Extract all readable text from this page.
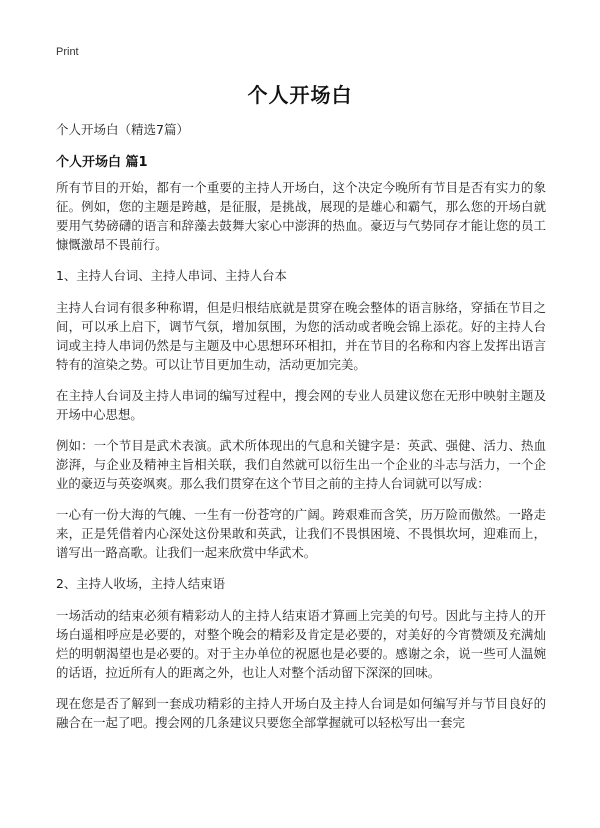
Print
个人开场白
个人开场白（精选7篇）
个人开场白 篇1

所有节目的开始，都有一个重要的主持人开场白，这个决定今晚所有节目是否有实力的象征。例如，您的主题是跨越，是征服，是挑战，展现的是雄心和霸气，那么您的开场白就要用气势磅礴的语言和辞藻去鼓舞大家心中澎湃的热血。豪迈与气势同存才能让您的员工慷慨激昂不畏前行。

1、主持人台词、主持人串词、主持人台本

主持人台词有很多种称谓，但是归根结底就是贯穿在晚会整体的语言脉络，穿插在节目之间，可以承上启下，调节气氛，增加氛围，为您的活动或者晚会锦上添花。好的主持人台词或主持人串词仍然是与主题及中心思想环环相扣，并在节目的名称和内容上发挥出语言特有的渲染之势。可以让节目更加生动，活动更加完美。

在主持人台词及主持人串词的编写过程中，搜会网的专业人员建议您在无形中映射主题及开场中心思想。

例如：一个节目是武术表演。武术所体现出的气息和关键字是：英武、强健、活力、热血澎湃，与企业及精神主旨相关联，我们自然就可以衍生出一个企业的斗志与活力，一个企业的豪迈与英姿飒爽。那么我们贯穿在这个节目之前的主持人台词就可以写成：

一心有一份大海的气魄、一生有一份苍穹的广阔。跨艰难而含笑，历万险而傲然。一路走来，正是凭借着内心深处这份果敢和英武，让我们不畏惧困境、不畏惧坎坷，迎难而上，谱写出一路高歌。让我们一起来欣赏中华武术。

2、主持人收场，主持人结束语

一场活动的结束必须有精彩动人的主持人结束语才算画上完美的句号。因此与主持人的开场白遥相呼应是必要的，对整个晚会的精彩及肯定是必要的，对美好的今宵赞颂及充满灿烂的明朝渴望也是必要的。对于主办单位的祝愿也是必要的。感谢之余，说一些可人温婉的话语，拉近所有人的距离之外，也让人对整个活动留下深深的回味。

现在您是否了解到一套成功精彩的主持人开场白及主持人台词是如何编写并与节目良好的融合在一起了吧。搜会网的几条建议只要您全部掌握就可以轻松写出一套完
